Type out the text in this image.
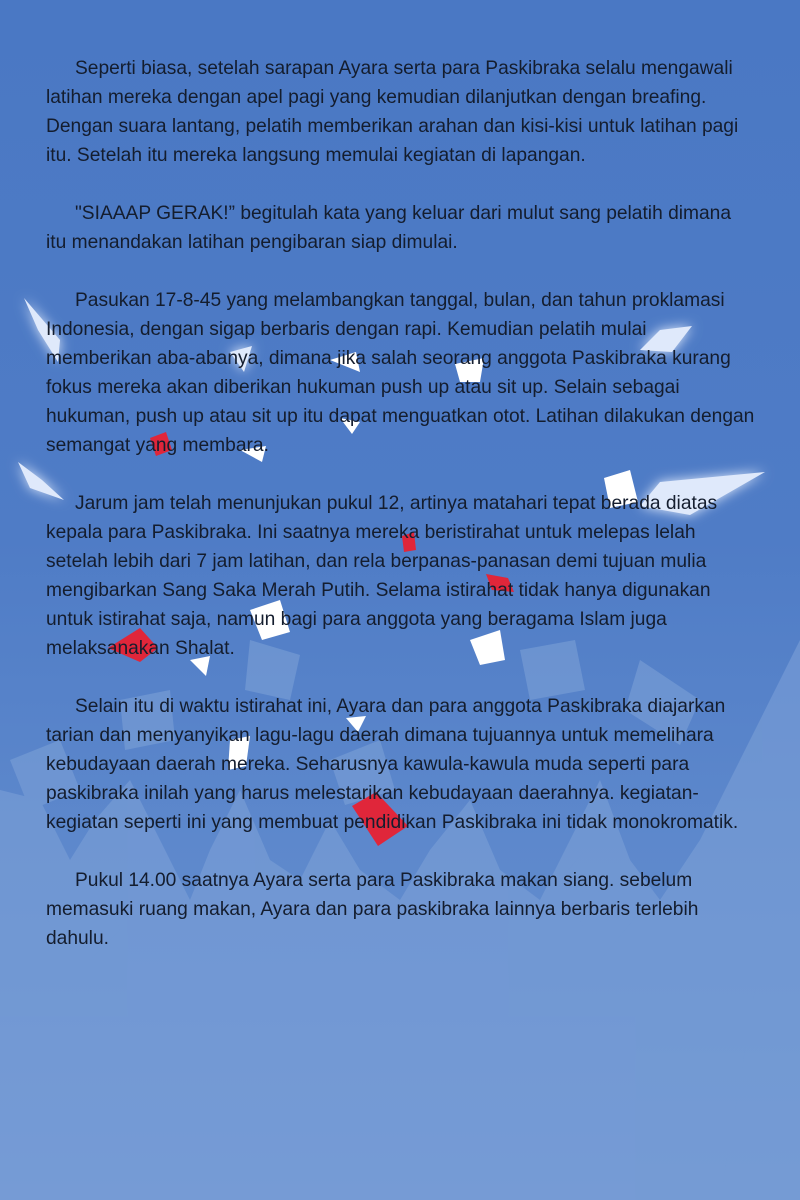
Seperti biasa, setelah sarapan Ayara serta para Paskibraka selalu mengawali latihan mereka dengan apel pagi yang kemudian dilanjutkan dengan breafing. Dengan suara lantang, pelatih memberikan arahan dan kisi-kisi untuk latihan pagi itu. Setelah itu mereka langsung memulai kegiatan di lapangan.

"SIAAAP GERAK!” begitulah kata yang keluar dari mulut sang pelatih dimana itu menandakan latihan pengibaran siap dimulai.

Pasukan 17-8-45 yang melambangkan tanggal, bulan, dan tahun proklamasi Indonesia, dengan sigap berbaris dengan rapi. Kemudian pelatih mulai memberikan aba-abanya, dimana jika salah seorang anggota Paskibraka kurang fokus mereka akan diberikan hukuman push up atau sit up. Selain sebagai hukuman, push up atau sit up itu dapat menguatkan otot. Latihan dilakukan dengan semangat yang membara.

Jarum jam telah menunjukan pukul 12, artinya matahari tepat berada diatas kepala para Paskibraka. Ini saatnya mereka beristirahat untuk melepas lelah setelah lebih dari 7 jam latihan, dan rela berpanas-panasan demi tujuan mulia mengibarkan Sang Saka Merah Putih. Selama istirahat tidak hanya digunakan untuk istirahat saja, namun bagi para anggota yang beragama Islam juga melaksanakan Shalat.

Selain itu di waktu istirahat ini, Ayara dan para anggota Paskibraka diajarkan tarian dan menyanyikan lagu-lagu daerah dimana tujuannya untuk memelihara kebudayaan daerah mereka. Seharusnya kawula-kawula muda seperti para paskibraka inilah yang harus melestarikan kebudayaan daerahnya. kegiatan-kegiatan seperti ini yang membuat pendidikan Paskibraka ini tidak monokromatik.

Pukul 14.00 saatnya Ayara serta para Paskibraka makan siang. sebelum memasuki ruang makan, Ayara dan para paskibraka lainnya berbaris terlebih dahulu.
